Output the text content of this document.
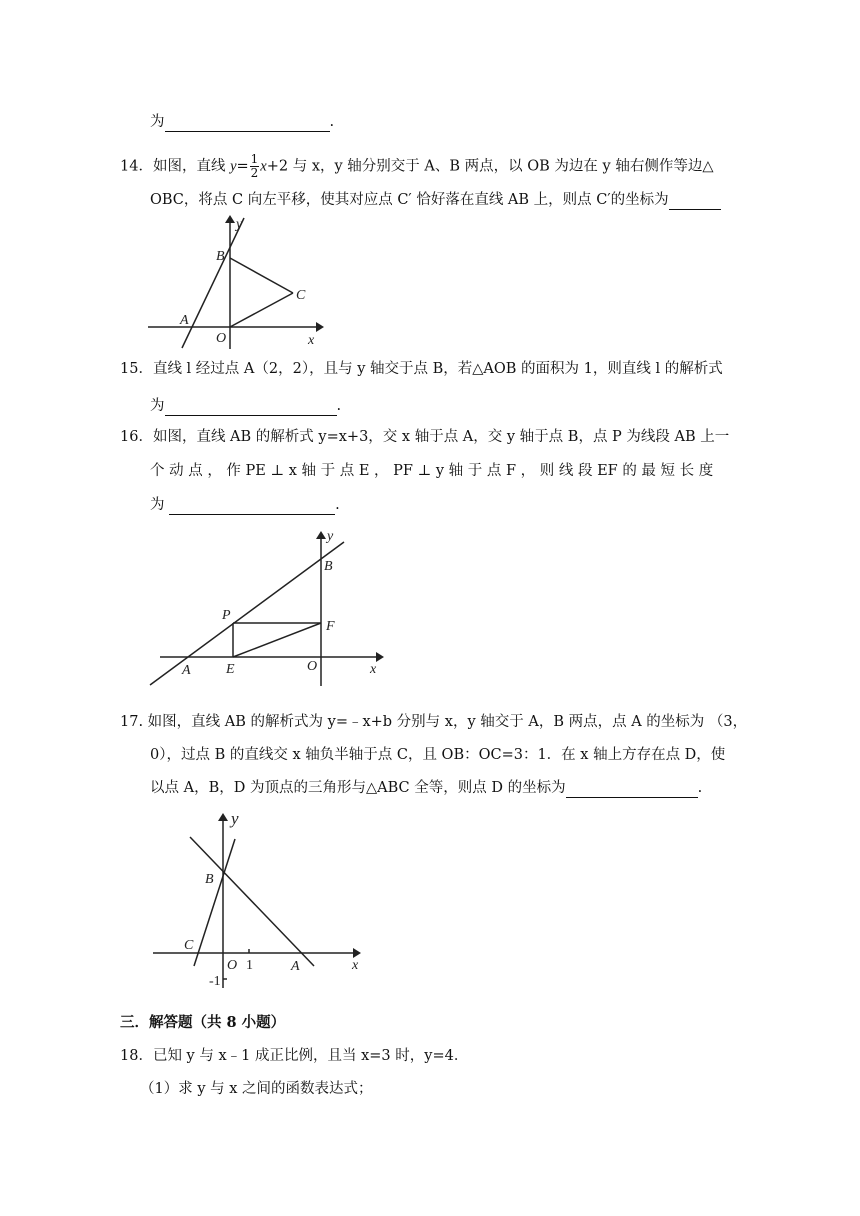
为	.
14．如图，直线 $y= \frac{1}{2} x+2$ 与 x，y 轴分别交于 A、B 两点，以 OB 为边在 y 轴右侧作等边△
OBC，将点 C 向左平移，使其对应点 C′ 恰好落在直线 AB 上，则点 C′的坐标为
y
B
C
A
O	x
15．直线 l 经过点 A（2，2），且与 y 轴交于点 B，若△AOB 的面积为 1，则直线 l 的解析式
为	.
16．如图，直线 AB 的解析式 y=x+3，交 x 轴于点 A，交 y 轴于点 B，点 P 为线段 AB 上一
个 动 点 ， 作 PE ⊥ x 轴 于 点 E ， PF ⊥ y 轴 于 点 F ， 则 线 段 EF 的 最 短 长 度
为	.
y
B
P
F
A	E	O	x
17. 如图，直线 AB 的解析式为 y=﹣x+b 分别与 x，y 轴交于 A，B 两点，点 A 的坐标为 （3，
0），过点 B 的直线交 x 轴负半轴于点 C，且 OB：OC=3：1．在 x 轴上方存在点 D，使
以点 A，B，D 为顶点的三角形与△ABC 全等，则点 D 的坐标为	.
y
B
C
O 1	A
-1
x
三．解答题（共 8 小题）
18．已知 y 与 x﹣1 成正比例，且当 x=3 时，y=4．
（1）求 y 与 x 之间的函数表达式；
